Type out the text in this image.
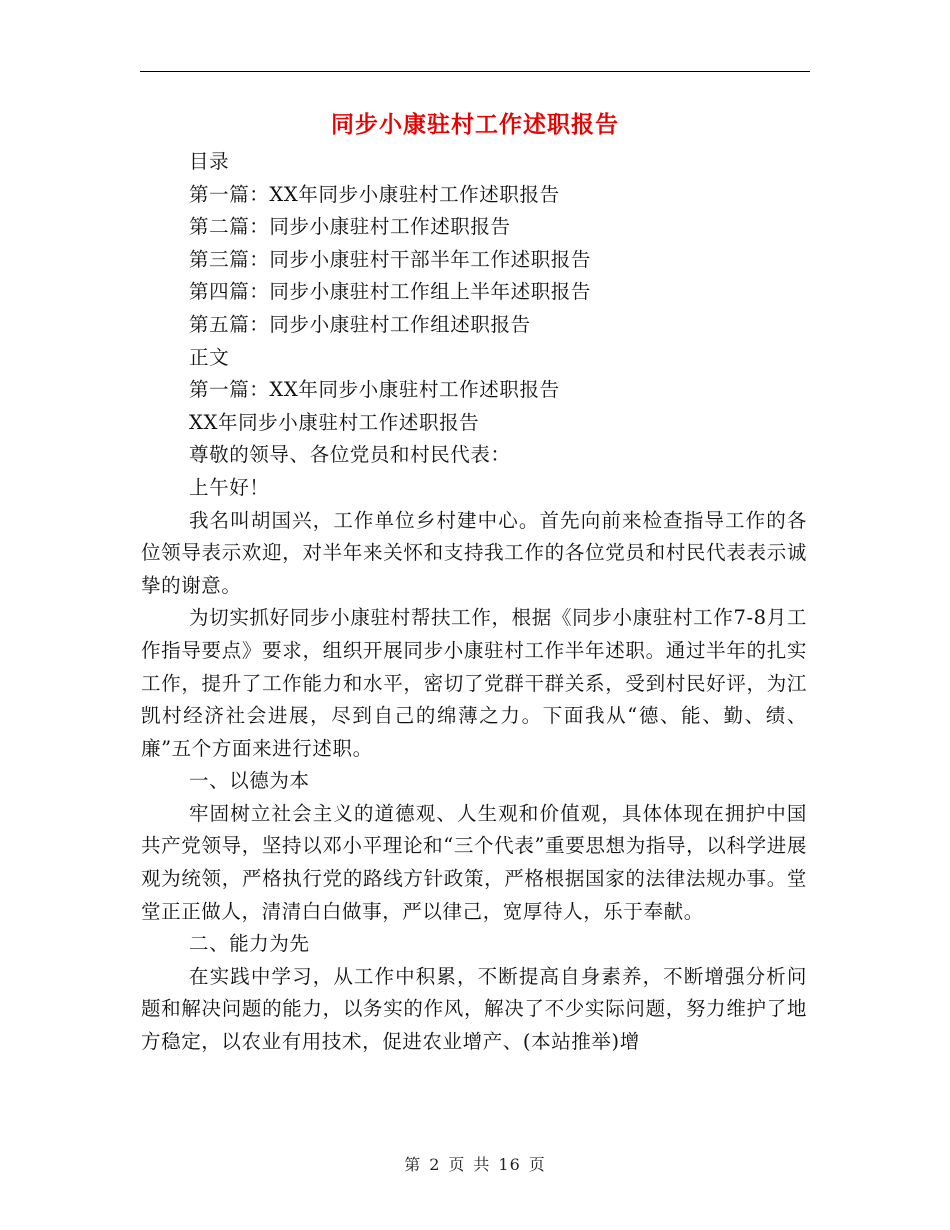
同步小康驻村工作述职报告

目录

第一篇：XX年同步小康驻村工作述职报告

第二篇：同步小康驻村工作述职报告

第三篇：同步小康驻村干部半年工作述职报告

第四篇：同步小康驻村工作组上半年述职报告

第五篇：同步小康驻村工作组述职报告

正文

第一篇：XX年同步小康驻村工作述职报告

XX年同步小康驻村工作述职报告

尊敬的领导、各位党员和村民代表：

上午好！

我名叫胡国兴，工作单位乡村建中心。首先向前来检查指导工作的各位领导表示欢迎，对半年来关怀和支持我工作的各位党员和村民代表表示诚挚的谢意。

为切实抓好同步小康驻村帮扶工作，根据《同步小康驻村工作7-8月工作指导要点》要求，组织开展同步小康驻村工作半年述职。通过半年的扎实工作，提升了工作能力和水平，密切了党群干群关系，受到村民好评，为江凯村经济社会进展，尽到自己的绵薄之力。下面我从“德、能、勤、绩、廉”五个方面来进行述职。

一、以德为本

牢固树立社会主义的道德观、人生观和价值观，具体体现在拥护中国共产党领导，坚持以邓小平理论和“三个代表”重要思想为指导，以科学进展观为统领，严格执行党的路线方针政策，严格根据国家的法律法规办事。堂堂正正做人，清清白白做事，严以律己，宽厚待人，乐于奉献。

二、能力为先

在实践中学习，从工作中积累，不断提高自身素养，不断增强分析问题和解决问题的能力，以务实的作风，解决了不少实际问题，努力维护了地方稳定，以农业有用技术，促进农业增产、(本站推举)增

第 2 页 共 16 页
